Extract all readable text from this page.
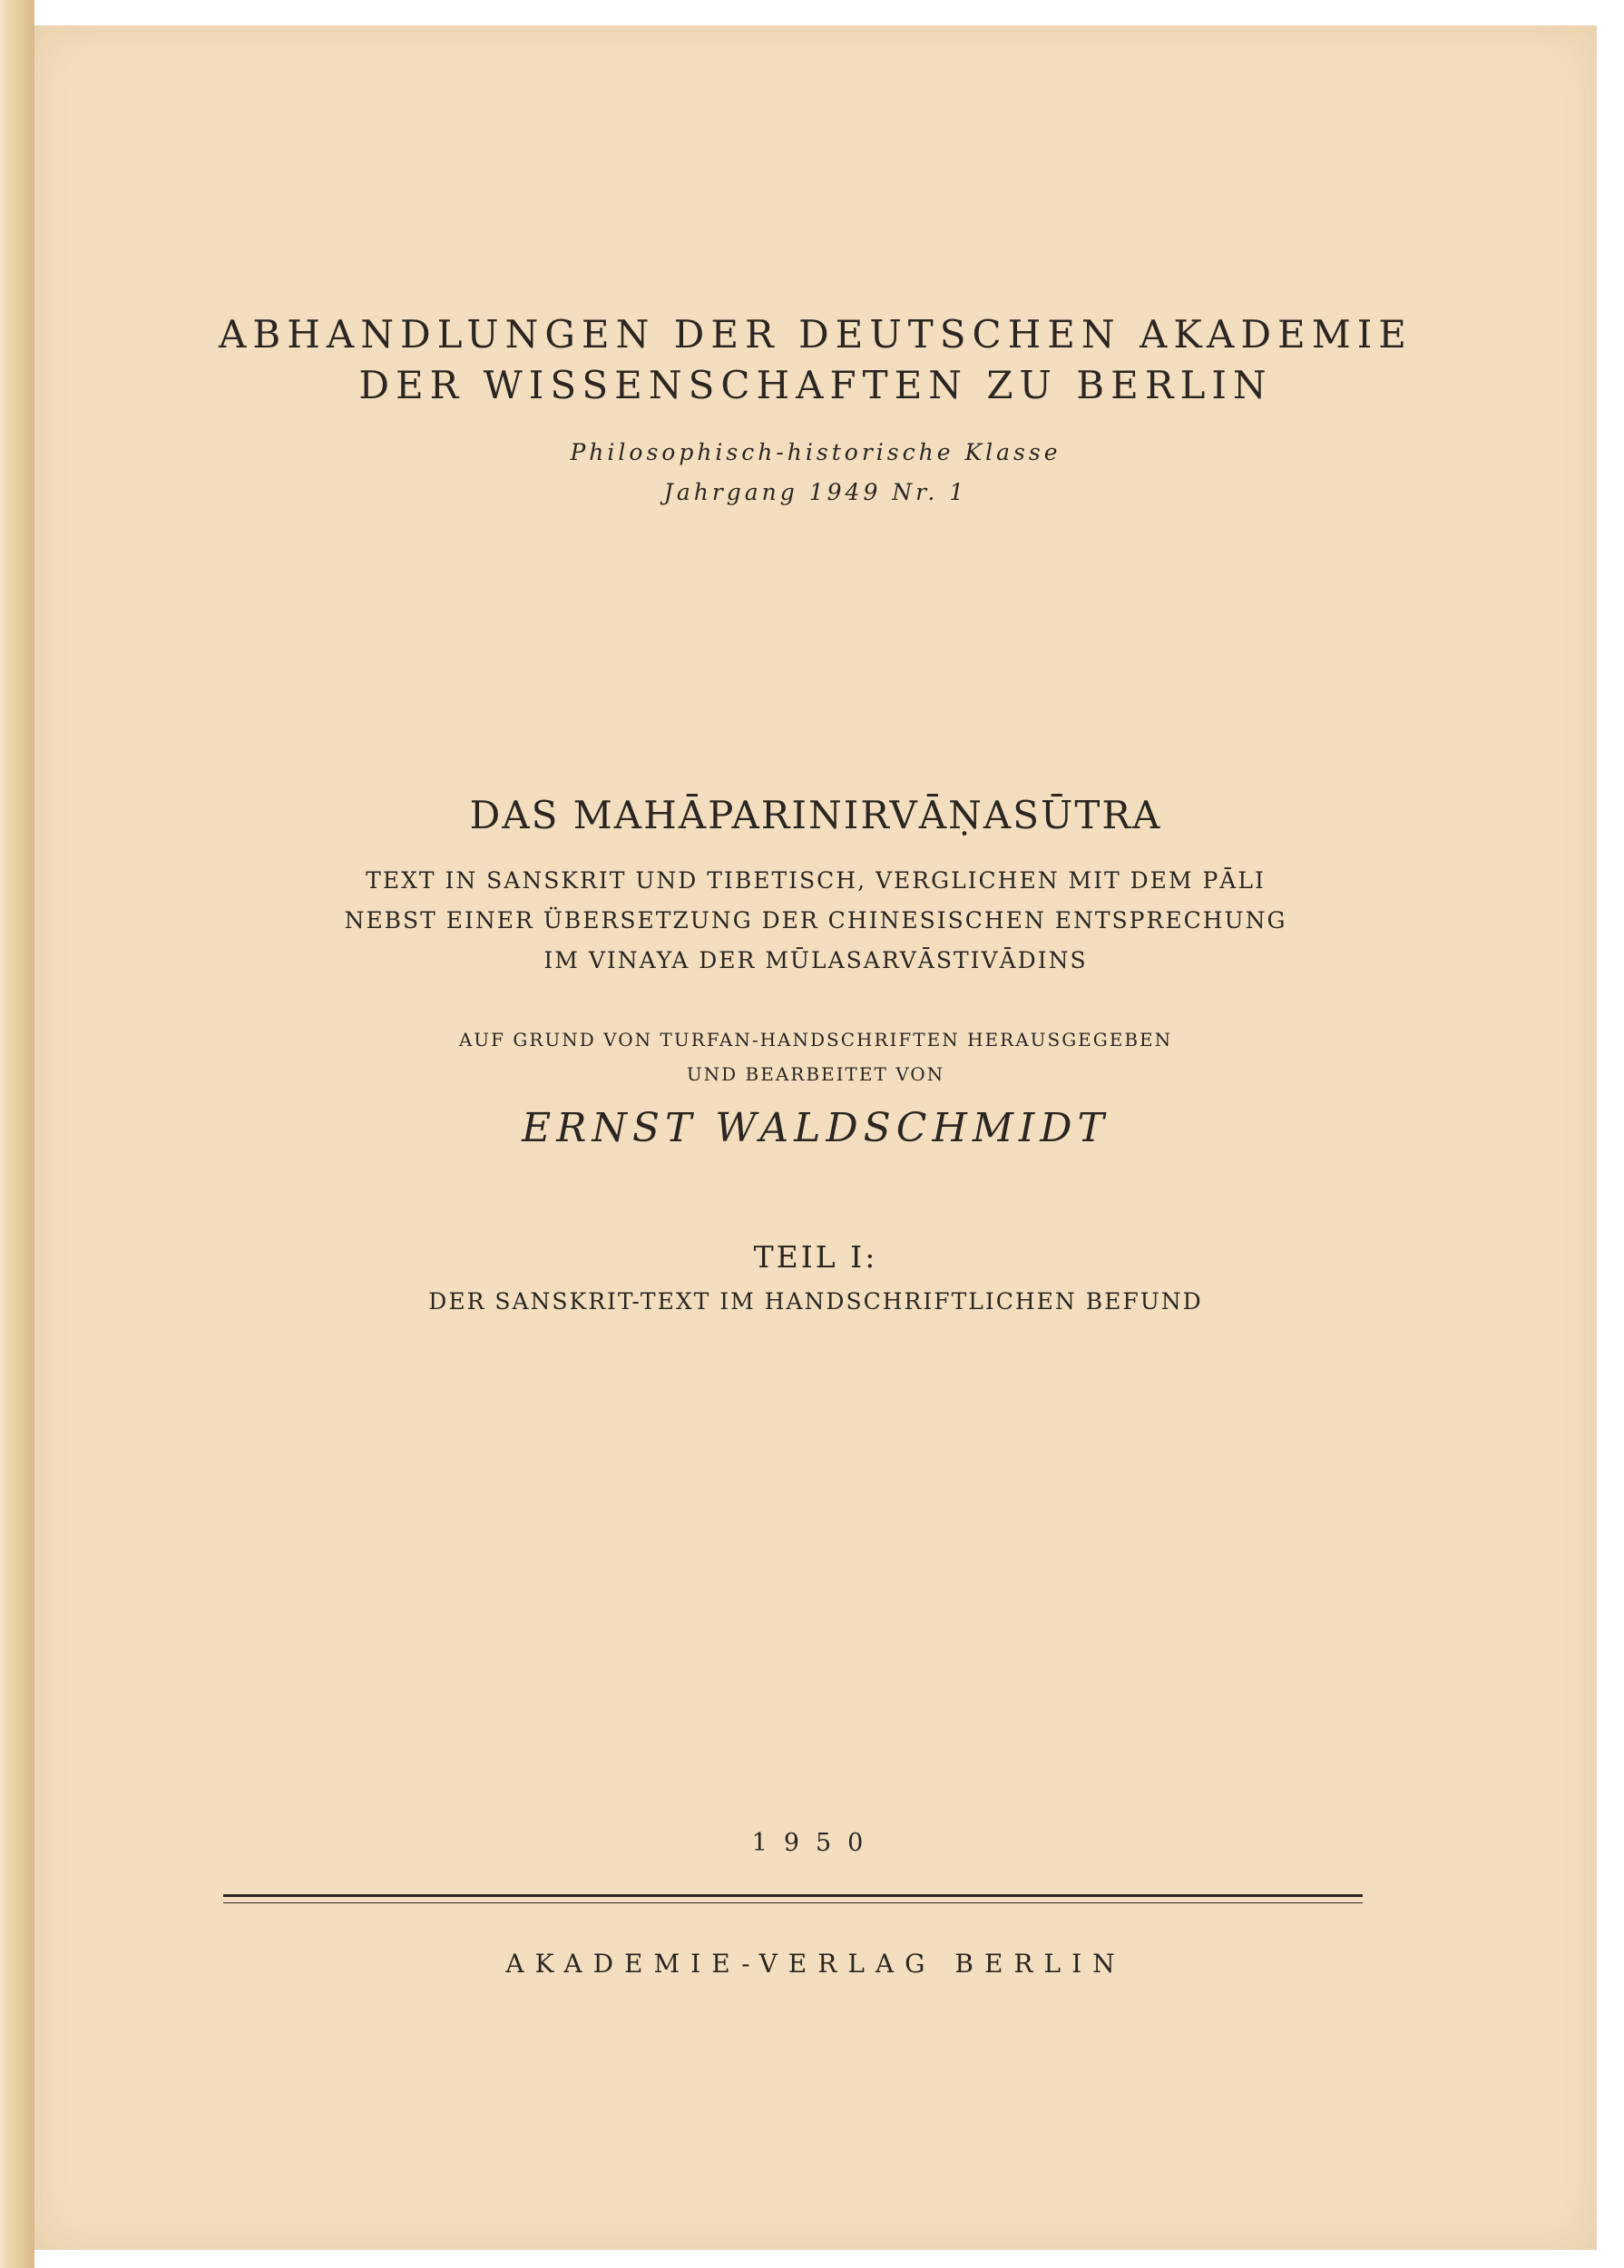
ABHANDLUNGEN DER DEUTSCHEN AKADEMIE

DER WISSENSCHAFTEN ZU BERLIN

Philosophisch-historische Klasse

Jahrgang 1949 Nr. 1

DAS MAHĀPARINIRVĀṆASŪTRA

TEXT IN SANSKRIT UND TIBETISCH, VERGLICHEN MIT DEM PĀLI

NEBST EINER ÜBERSETZUNG DER CHINESISCHEN ENTSPRECHUNG

IM VINAYA DER MŪLASARVĀSTIVĀDINS

AUF GRUND VON TURFAN-HANDSCHRIFTEN HERAUSGEGEBEN

UND BEARBEITET VON

ERNST WALDSCHMIDT

TEIL I:

DER SANSKRIT-TEXT IM HANDSCHRIFTLICHEN BEFUND

1950

AKADEMIE-VERLAG BERLIN
